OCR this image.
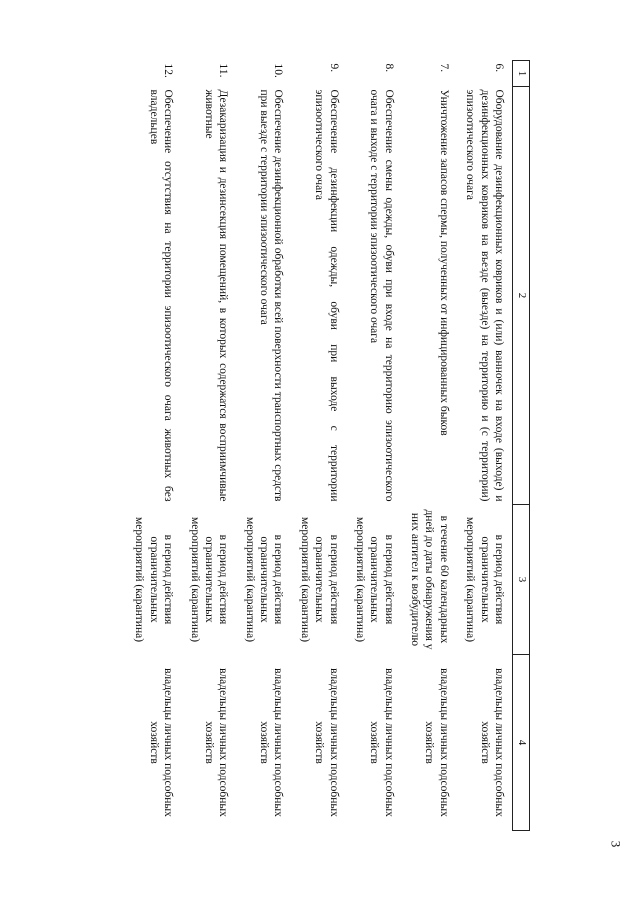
3
1	2	3	4
6.	Оборудование дезинфекционных ковриков и (или) ванночек на входе (выходе) и дезинфекционных ковриков на въезде (выезде) на территорию и (с территории) эпизоотического очага	в период действия ограничительных мероприятий (карантина)	владельцы личных подсобных хозяйств
7.	Уничтожение запасов спермы, полученных от инфицированных быков	в течение 60 календарных дней до даты обнаружения у них антител к возбудителю	владельцы личных подсобных хозяйств
8.	Обеспечение смены одежды, обуви при входе на территорию эпизоотического очага и выходе с территории эпизоотического очага	в период действия ограничительных мероприятий (карантина)	владельцы личных подсобных хозяйств
9.	Обеспечение дезинфекции одежды, обуви при выходе с территории эпизоотического очага	в период действия ограничительных мероприятий (карантина)	владельцы личных подсобных хозяйств
10.	Обеспечение дезинфекционной обработки всей поверхности транспортных средств при выезде с территории эпизоотического очага	в период действия ограничительных мероприятий (карантина)	владельцы личных подсобных хозяйств
11.	Дезакаризация и дезинсекция помещений, в которых содержатся восприимчивые животные	в период действия ограничительных мероприятий (карантина)	владельцы личных подсобных хозяйств
12.	Обеспечение отсутствия на территории эпизоотического очага животных без владельцев	в период действия ограничительных мероприятий (карантина)	владельцы личных подсобных хозяйств
